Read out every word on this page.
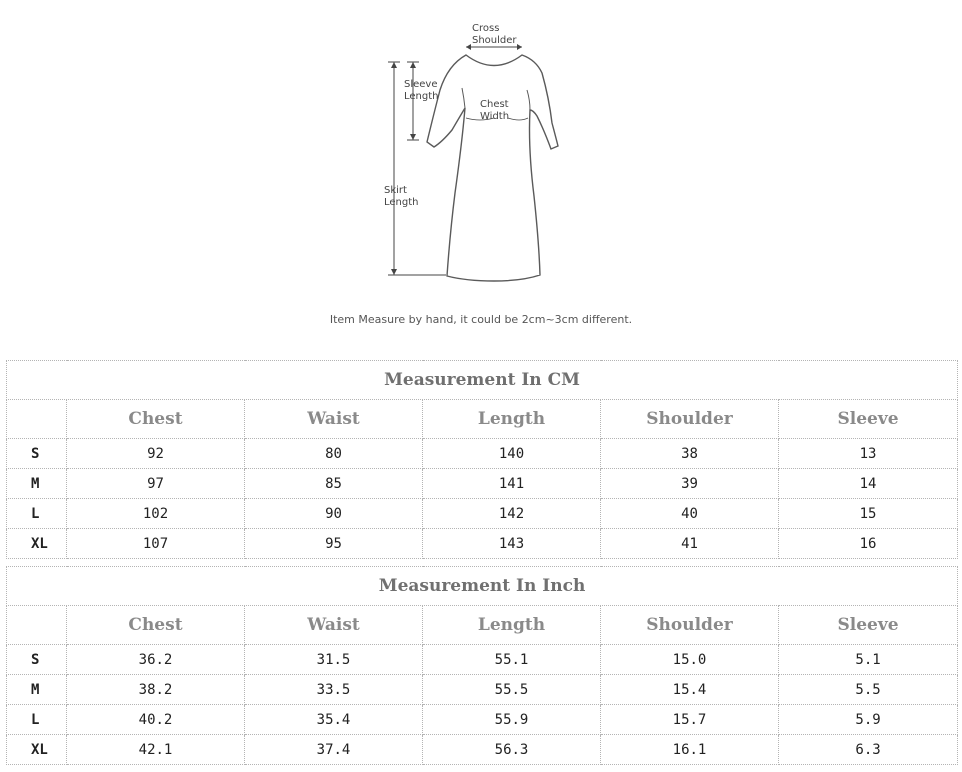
Cross
Shoulder
Sleeve
Length
Chest
Width
Skirt
Length
Item Measure by hand, it could be 2cm~3cm different.
Measurement In CM					
	Chest	Waist	Length	Shoulder	Sleeve
S	92	80	140	38	13
M	97	85	141	39	14
L	102	90	142	40	15
XL	107	95	143	41	16
Measurement In Inch					
	Chest	Waist	Length	Shoulder	Sleeve
S	36.2	31.5	55.1	15.0	5.1
M	38.2	33.5	55.5	15.4	5.5
L	40.2	35.4	55.9	15.7	5.9
XL	42.1	37.4	56.3	16.1	6.3
